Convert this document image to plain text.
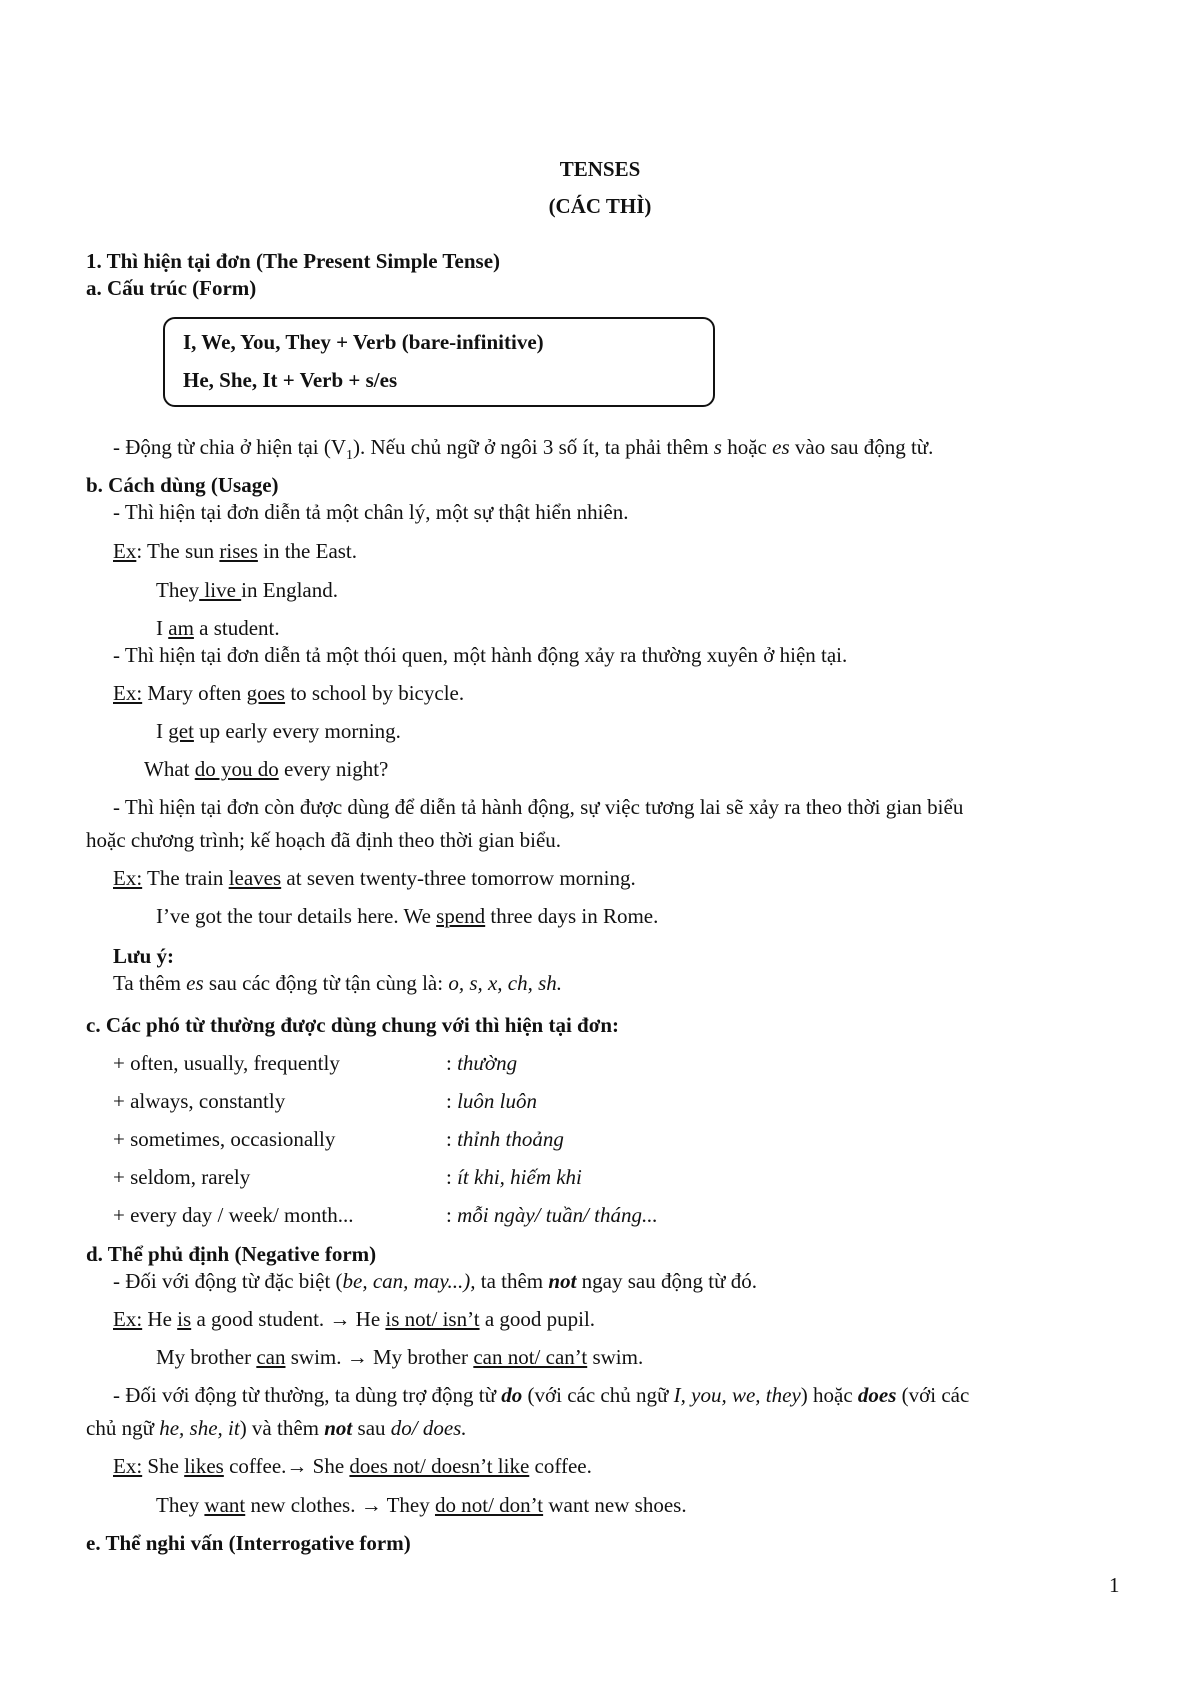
TENSES
(CÁC THÌ)
1. Thì hiện tại đơn (The Present Simple Tense)
a. Cấu trúc (Form)
I, We, You, They + Verb (bare-infinitive)
He, She, It + Verb + s/es
- Động từ chia ở hiện tại $(V_1)$. Nếu chủ ngữ ở ngôi 3 số ít, ta phải thêm s hoặc es vào sau động từ.
b. Cách dùng (Usage)
- Thì hiện tại đơn diễn tả một chân lý, một sự thật hiển nhiên.
Ex: The sun rises in the East.
They live in England.
I am a student.
- Thì hiện tại đơn diễn tả một thói quen, một hành động xảy ra thường xuyên ở hiện tại.
Ex: Mary often goes to school by bicycle.
I get up early every morning.
What do you do every night?
- Thì hiện tại đơn còn được dùng để diễn tả hành động, sự việc tương lai sẽ xảy ra theo thời gian biểu
hoặc chương trình; kế hoạch đã định theo thời gian biểu.
Ex: The train leaves at seven twenty-three tomorrow morning.
I’ve got the tour details here. We spend three days in Rome.
Lưu ý:
Ta thêm es sau các động từ tận cùng là: o, s, x, ch, sh.
c. Các phó từ thường được dùng chung với thì hiện tại đơn:
+ often, usually, frequently	: thường
+ always, constantly	: luôn luôn
+ sometimes, occasionally	: thỉnh thoảng
+ seldom, rarely	: ít khi, hiếm khi
+ every day / week/ month...	: mỗi ngày/ tuần/ tháng...
d. Thể phủ định (Negative form)
- Đối với động từ đặc biệt (be, can, may...), ta thêm not ngay sau động từ đó.
Ex: He is a good student. → He is not/ isn’t a good pupil.
My brother can swim. → My brother can not/ can’t swim.
- Đối với động từ thường, ta dùng trợ động từ do (với các chủ ngữ I, you, we, they) hoặc does (với các
chủ ngữ he, she, it) và thêm not sau do/ does.
Ex: She likes coffee.→ She does not/ doesn’t like coffee.
They want new clothes. → They do not/ don’t want new shoes.
e. Thể nghi vấn (Interrogative form)
1
